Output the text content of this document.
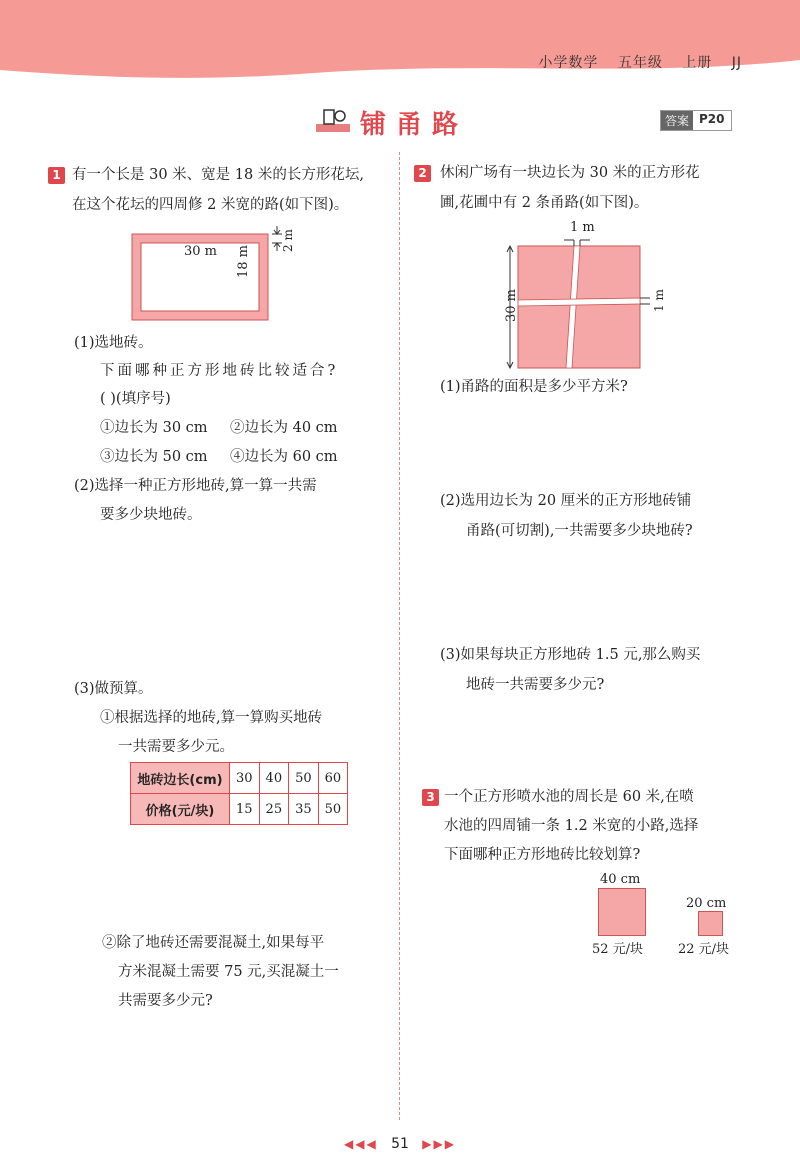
小学数学 五年级 上册 JJ
铺甬路	答案 P20
1 有一个长是 30 米、宽是 18 米的长方形花坛,
在这个花坛的四周修 2 米宽的路(如下图)。
30 m 18 m
2 m
(1)选地砖。
下面哪种正方形地砖比较适合?
( )(填序号)
①边长为 30 cm ②边长为 40 cm
③边长为 50 cm ④边长为 60 cm
(2)选择一种正方形地砖,算一算一共需
要多少块地砖。
(3)做预算。
①根据选择的地砖,算一算购买地砖
一共需要多少元。
地砖边长(cm)	30	40	50	60
价格(元/块)	15	25	35	50
②除了地砖还需要混凝土,如果每平
方米混凝土需要 75 元,买混凝土一
共需要多少元?
2 休闲广场有一块边长为 30 米的正方形花
圃,花圃中有 2 条甬路(如下图)。
1 m
30 m	1 m
(1)甬路的面积是多少平方米?
(2)选用边长为 20 厘米的正方形地砖铺
甬路(可切割),一共需要多少块地砖?
(3)如果每块正方形地砖 1.5 元,那么购买
地砖一共需要多少元?
3 一个正方形喷水池的周长是 60 米,在喷
水池的四周铺一条 1.2 米宽的小路,选择
下面哪种正方形地砖比较划算?
40 cm
52 元/块
20 cm
22 元/块
◀◀◀ 51 ▶▶▶
